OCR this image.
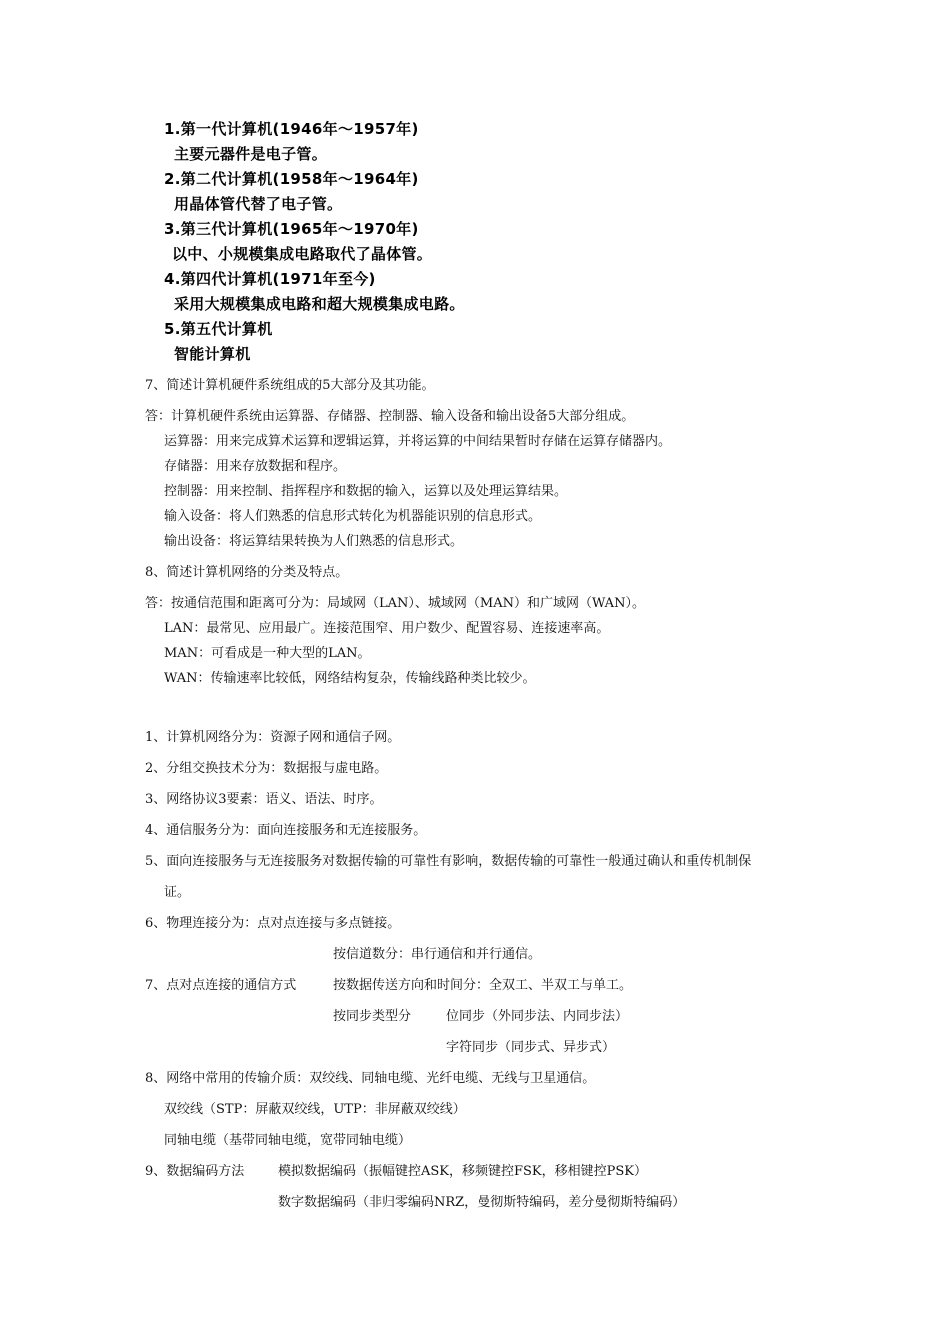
1.第一代计算机(1946年～1957年)
主要元器件是电子管。
2.第二代计算机(1958年～1964年)
用晶体管代替了电子管。
3.第三代计算机(1965年～1970年)
以中、小规模集成电路取代了晶体管。
4.第四代计算机(1971年至今)
采用大规模集成电路和超大规模集成电路。
5.第五代计算机
智能计算机
7、简述计算机硬件系统组成的5大部分及其功能。
答：计算机硬件系统由运算器、存储器、控制器、输入设备和输出设备5大部分组成。
运算器：用来完成算术运算和逻辑运算，并将运算的中间结果暂时存储在运算存储器内。
存储器：用来存放数据和程序。
控制器：用来控制、指挥程序和数据的输入，运算以及处理运算结果。
输入设备：将人们熟悉的信息形式转化为机器能识别的信息形式。
输出设备：将运算结果转换为人们熟悉的信息形式。
8、简述计算机网络的分类及特点。
答：按通信范围和距离可分为：局域网（LAN）、城域网（MAN）和广域网（WAN）。
LAN：最常见、应用最广。连接范围窄、用户数少、配置容易、连接速率高。
MAN：可看成是一种大型的LAN。
WAN：传输速率比较低，网络结构复杂，传输线路种类比较少。
1、计算机网络分为：资源子网和通信子网。
2、分组交换技术分为：数据报与虚电路。
3、网络协议3要素：语义、语法、时序。
4、通信服务分为：面向连接服务和无连接服务。
5、面向连接服务与无连接服务对数据传输的可靠性有影响，数据传输的可靠性一般通过确认和重传机制保
证。
6、物理连接分为：点对点连接与多点链接。
按信道数分：串行通信和并行通信。
7、点对点连接的通信方式	按数据传送方向和时间分：全双工、半双工与单工。
按同步类型分	位同步（外同步法、内同步法）
字符同步（同步式、异步式）
8、网络中常用的传输介质：双绞线、同轴电缆、光纤电缆、无线与卫星通信。
双绞线（STP：屏蔽双绞线，UTP：非屏蔽双绞线）
同轴电缆（基带同轴电缆，宽带同轴电缆）
9、数据编码方法	模拟数据编码（振幅键控ASK，移频键控FSK，移相键控PSK）
数字数据编码（非归零编码NRZ，曼彻斯特编码，差分曼彻斯特编码）
